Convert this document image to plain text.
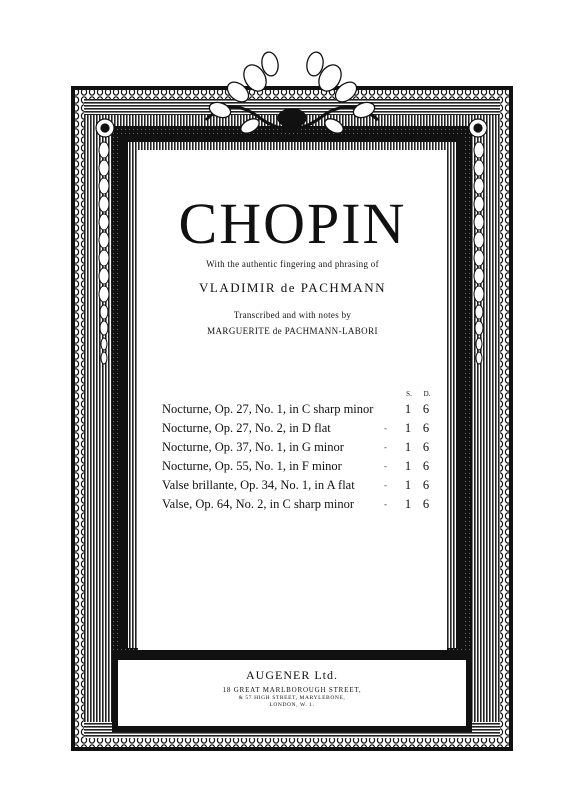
CHOPIN
With the authentic fingering and phrasing of
VLADIMIR de PACHMANN
Transcribed and with notes by
MARGUERITE de PACHMANN-LABORI
S. D.
Nocturne, Op. 27, No. 1, in C sharp minor	1 6
Nocturne, Op. 27, No. 2, in D flat	- 1 6
Nocturne, Op. 37, No. 1, in G minor	- 1 6
Nocturne, Op. 55, No. 1, in F minor	- 1 6
Valse brillante, Op. 34, No. 1, in A flat	- 1 6
Valse, Op. 64, No. 2, in C sharp minor	- 1 6
AUGENER Ltd.
18 GREAT MARLBOROUGH STREET,
& 57 HIGH STREET, MARYLEBONE,
LONDON, W. 1.
